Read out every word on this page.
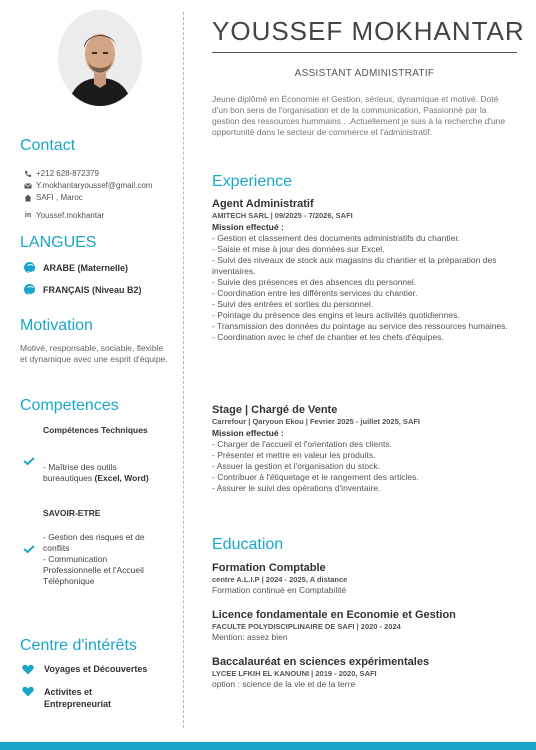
Contact
+212 628-872379
Y.mokhantaryoussef@gmail.com
SAFI , Maroc
in Youssef.mokhantar
LANGUES
ARABE (Maternelle)
FRANÇAIS (Niveau B2)
Motivation
Motivé, responsable, sociable, flexible et dynamique avec une esprit d'équipe.
Competences
Compétences Techniques
- Maîtrise des outils bureautiques (Excel, Word)
SAVOIR-ETRE
- Gestion des risques et de conflits
- Communication Professionnelle et l'Accueil Téléphonique
Centre d'intérêts
Voyages et Découvertes
Activites et Entrepreneuriat
YOUSSEF MOKHANTAR
ASSISTANT ADMINISTRATIF
Jeune diplômé en Économie et Gestion, sérieux, dynamique et motivé. Doté d'un bon sens de l'organisation et de la communication, Passionné par la gestion des ressources hummains . .Actuellement je suis à la recherche d'une opportunité dans le secteur de commerce et l'administratif.
Experience
Agent Administratif
AMITECH SARL | 09/2025 - 7/2026, SAFI
Mission effectué :
- Gestion et classement des documents administratifs du chantier.
- Saisie et mise à jour des données sur Excel.
- Suivi des niveaux de stock aux magasins du chantier et la préparation des inventaires.
- Suivie des présences et des absences du personnel.
- Coordination entre les différents services du chantier.
- Suivi des entrées et sorties du personnel.
- Pointage du présence des engins et leurs activités quotidiennes.
- Transmission des données du pointage au service des ressources humaines.
- Coordination avec le chef de chantier et les chefs d'équipes.
Stage | Chargé de Vente
Carrefour | Qaryoun Ekou | Fevrier 2025 - juillet 2025, SAFI
Mission effectué :
- Charger de l'accueil et l'orientation des clients.
- Présenter et mettre en valeur les produits.
- Assuer la gestion et l'organisation du stock.
- Contribuer à l'étiquetage et le rangement des articles.
- Assurer le suivi des opérations d'inventaire.
Education
Formation Comptable
centre A.L.I.P | 2024 - 2025, A distance
Formation continué en Comptabilité
Licence fondamentale en Economie et Gestion
FACULTE POLYDISCIPLINAIRE DE SAFI | 2020 - 2024
Mention: assez bien
Baccalauréat en sciences expérimentales
LYCEE LFKIH EL KANOUNI | 2019 - 2020, SAFI
option : science de la vie et de la terre
